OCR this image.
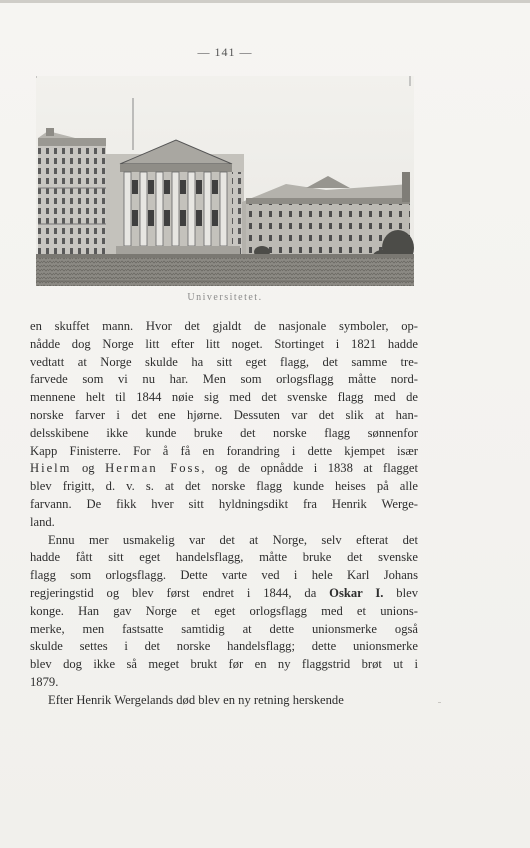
— 141 —
Universitetet.
en skuffet mann. Hvor det gjaldt de nasjonale symboler, op-
nådde dog Norge litt efter litt noget. Stortinget i 1821 hadde
vedtatt at Norge skulde ha sitt eget flagg, det samme tre-
farvede som vi nu har. Men som orlogsflagg måtte nord-
mennene helt til 1844 nøie sig med det svenske flagg med de
norske farver i det ene hjørne. Dessuten var det slik at han-
delsskibene ikke kunde bruke det norske flagg sønnenfor
Kapp Finisterre. For å få en forandring i dette kjempet især
Hielm og Herman Foss, og de opnådde i 1838 at flagget
blev frigitt, d. v. s. at det norske flagg kunde heises på alle
farvann. De fikk hver sitt hyldningsdikt fra Henrik Werge-
land.
Ennu mer usmakelig var det at Norge, selv efterat det
hadde fått sitt eget handelsflagg, måtte bruke det svenske
flagg som orlogsflagg. Dette varte ved i hele Karl Johans
regjeringstid og blev først endret i 1844, da Oskar I. blev
konge. Han gav Norge et eget orlogsflagg med et unions-
merke, men fastsatte samtidig at dette unionsmerke også
skulde settes i det norske handelsflagg; dette unionsmerke
blev dog ikke så meget brukt før en ny flaggstrid brøt ut i
1879.
Efter Henrik Wergelands død blev en ny retning herskende
